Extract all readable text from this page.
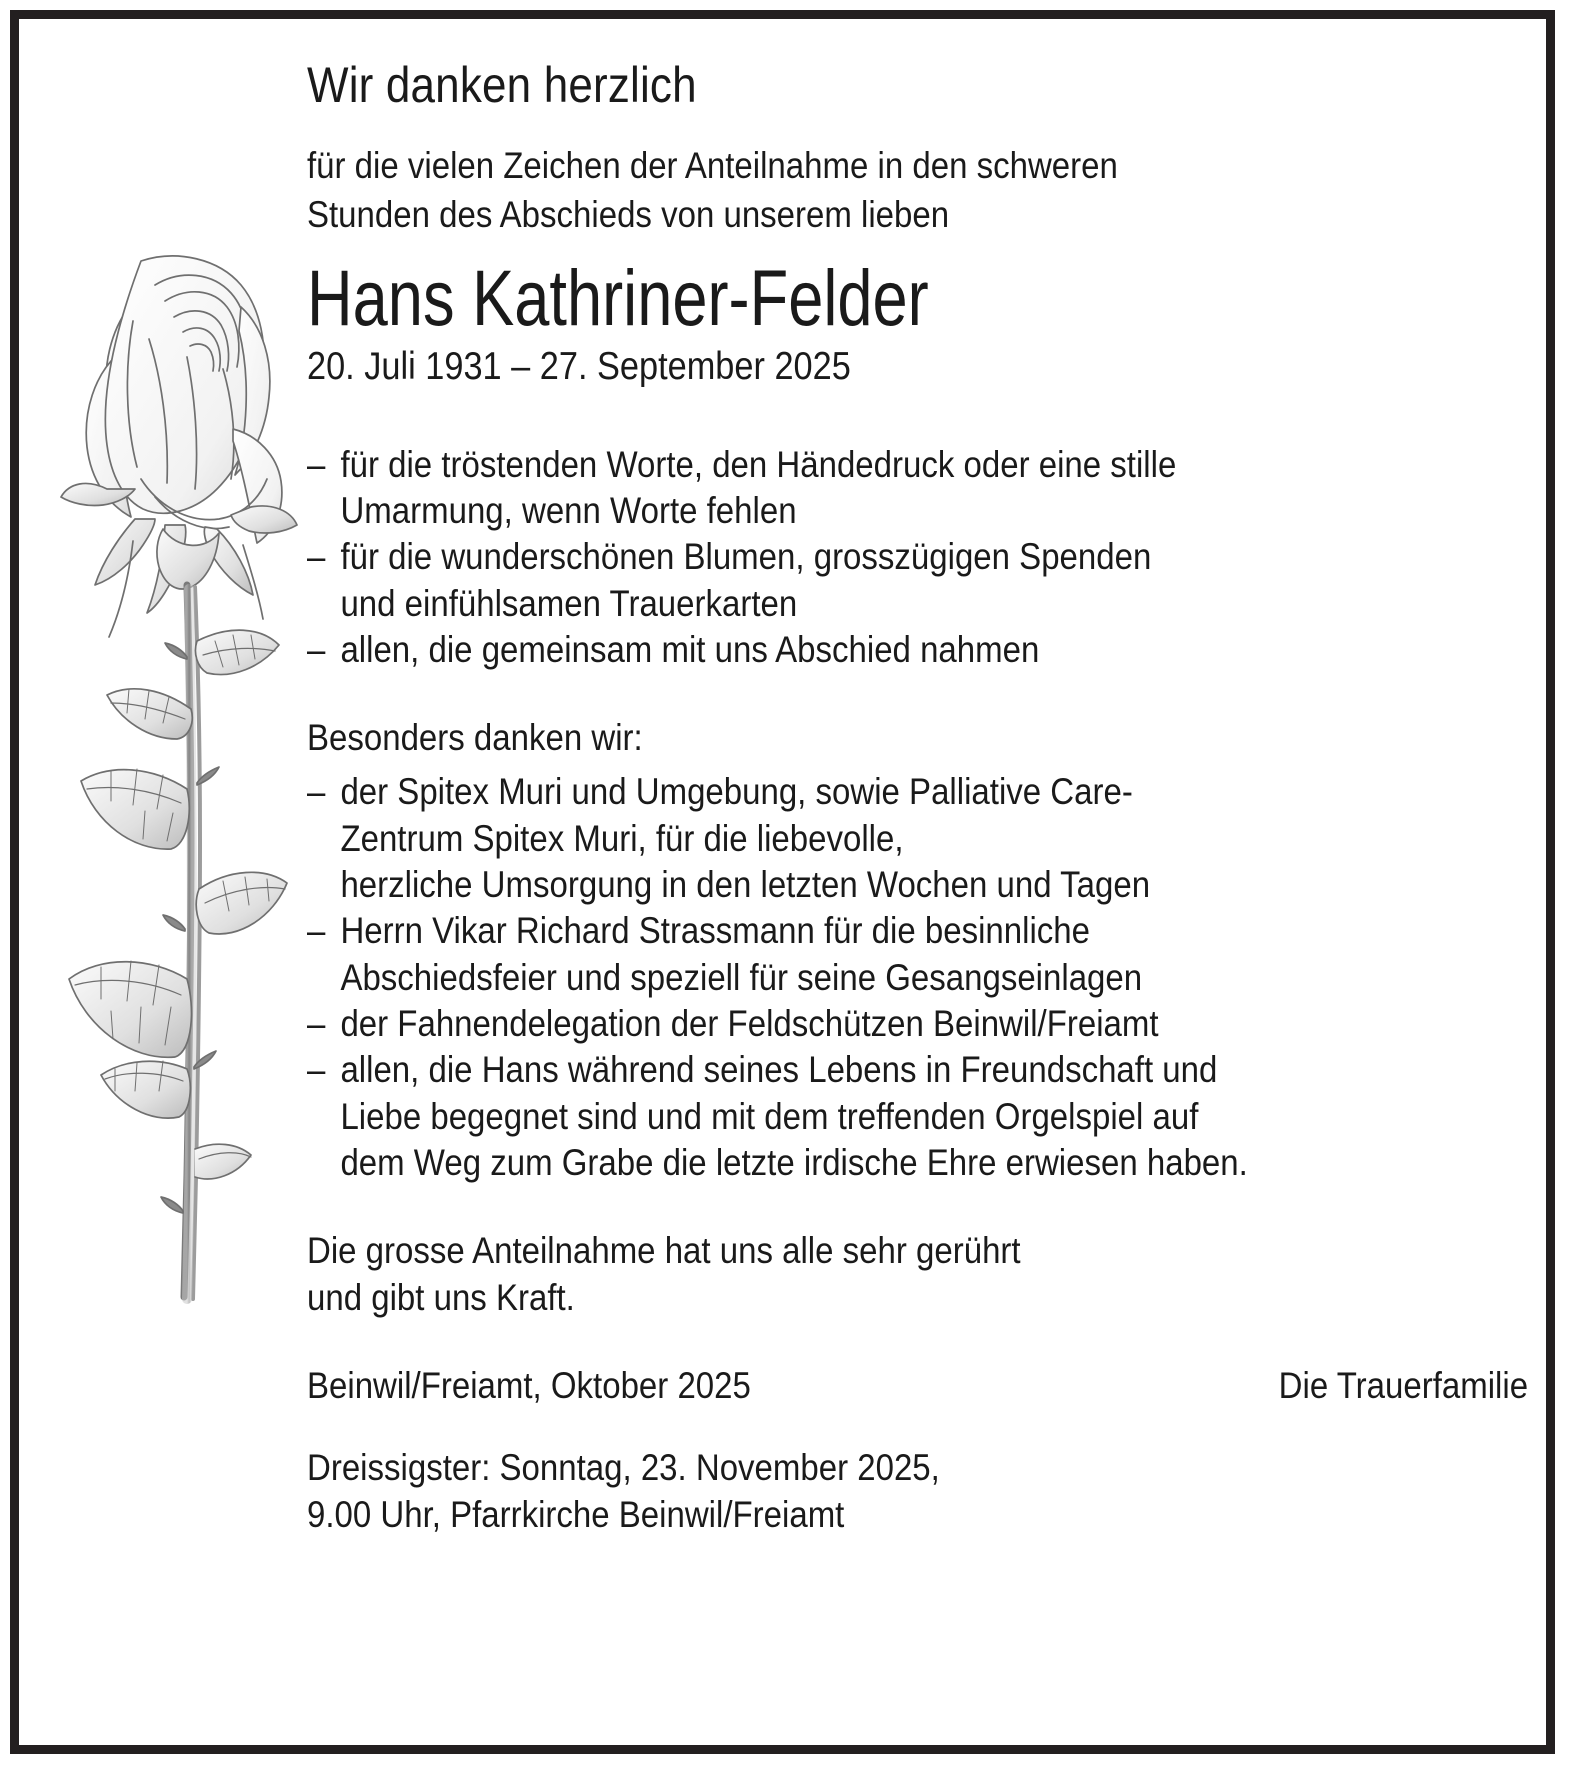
Wir danken herzlich
für die vielen Zeichen der Anteilnahme in den schweren
Stunden des Abschieds von unserem lieben
Hans Kathriner-Felder
20. Juli 1931 – 27. September 2025
– für die tröstenden Worte, den Händedruck oder eine stille
Umarmung, wenn Worte fehlen
– für die wunderschönen Blumen, grosszügigen Spenden
und einfühlsamen Trauerkarten
– allen, die gemeinsam mit uns Abschied nahmen
Besonders danken wir:
– der Spitex Muri und Umgebung, sowie Palliative Care-
Zentrum Spitex Muri, für die liebevolle,
herzliche Umsorgung in den letzten Wochen und Tagen
– Herrn Vikar Richard Strassmann für die besinnliche
Abschiedsfeier und speziell für seine Gesangseinlagen
– der Fahnendelegation der Feldschützen Beinwil/Freiamt
– allen, die Hans während seines Lebens in Freundschaft und
Liebe begegnet sind und mit dem treffenden Orgelspiel auf
dem Weg zum Grabe die letzte irdische Ehre erwiesen haben.
Die grosse Anteilnahme hat uns alle sehr gerührt
und gibt uns Kraft.
Beinwil/Freiamt, Oktober 2025	Die Trauerfamilie
Dreissigster: Sonntag, 23. November 2025,
9.00 Uhr, Pfarrkirche Beinwil/Freiamt
